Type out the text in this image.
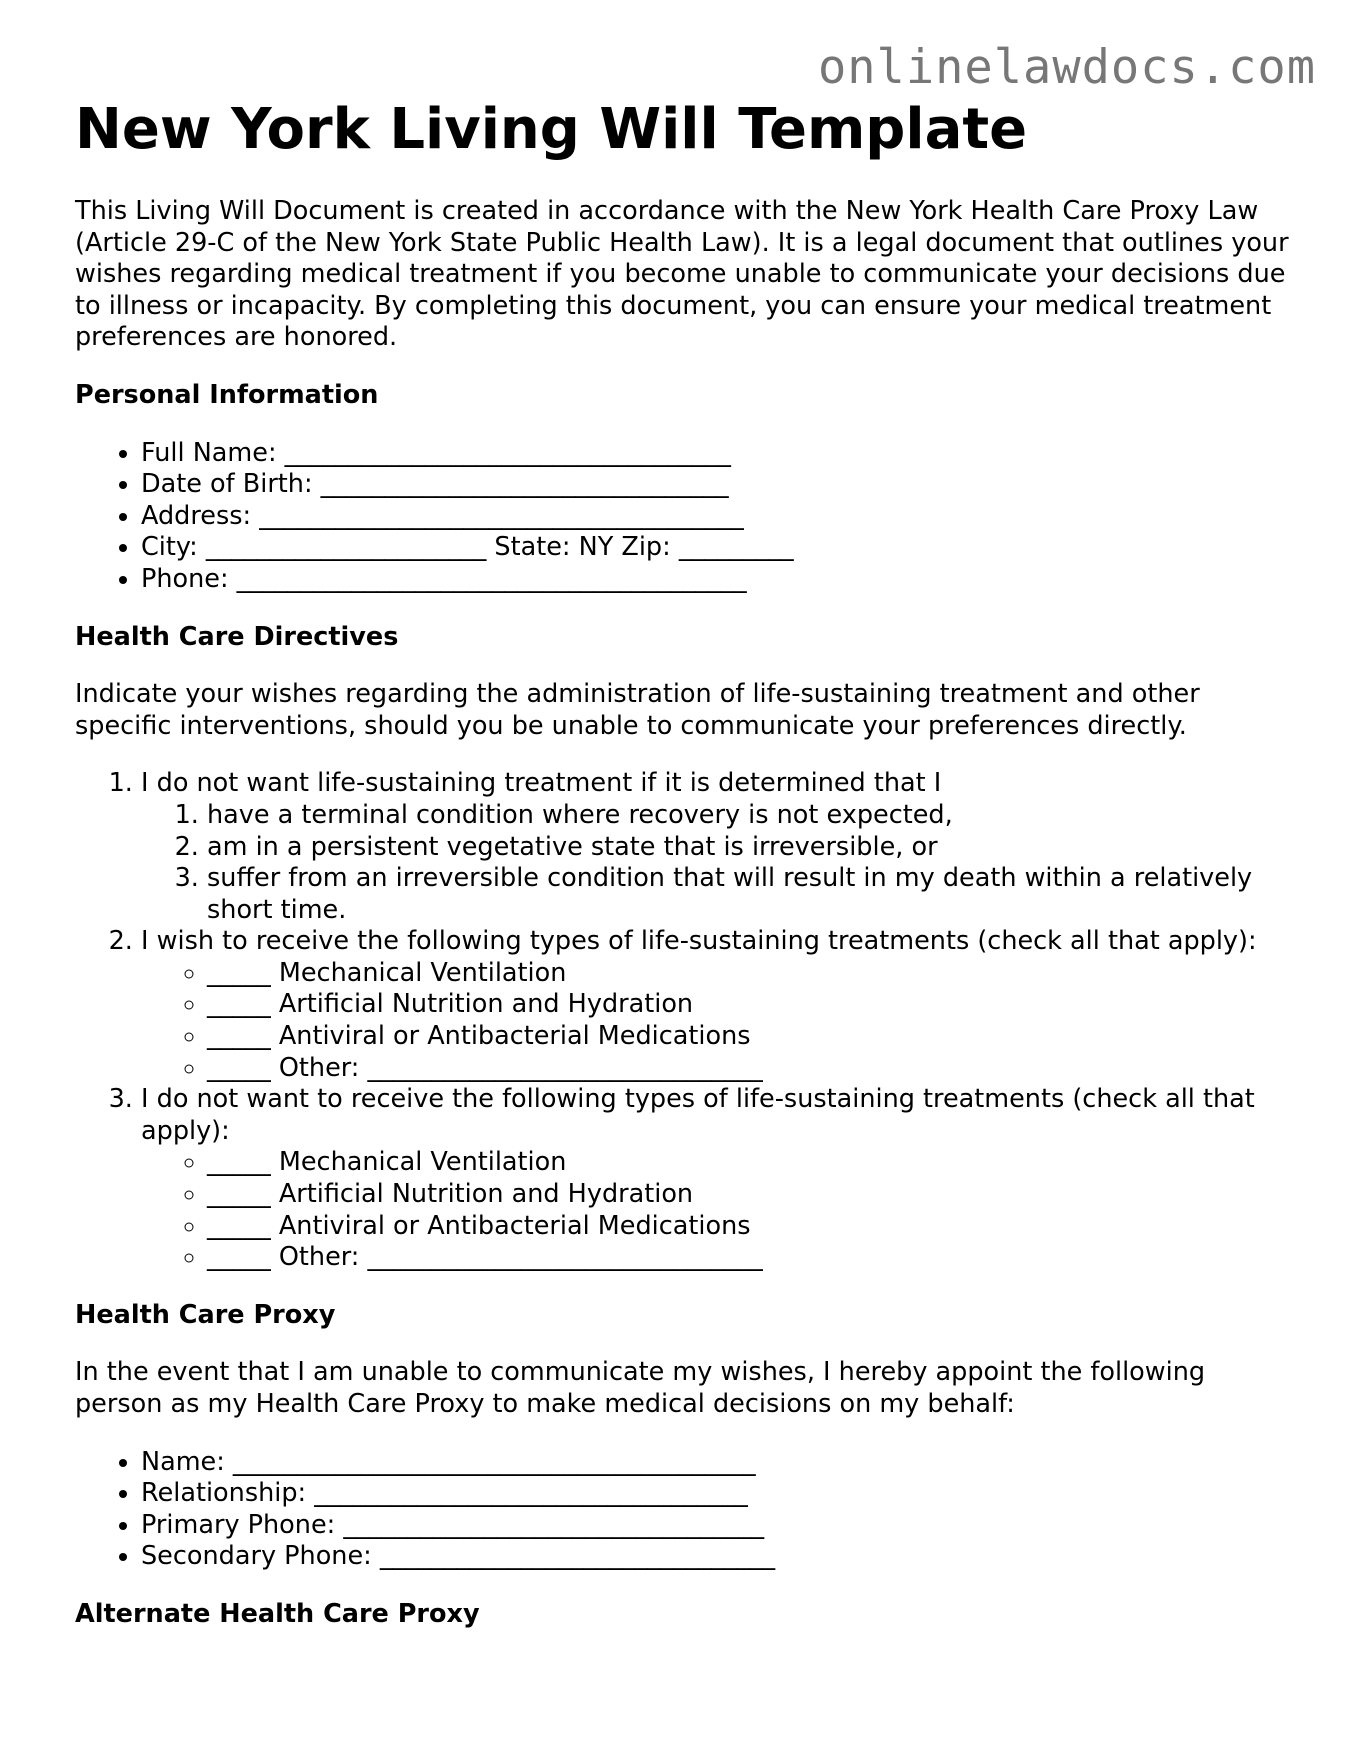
onlinelawdocs.com
New York Living Will Template

This Living Will Document is created in accordance with the New York Health Care Proxy Law (Article 29-C of the New York State Public Health Law). It is a legal document that outlines your wishes regarding medical treatment if you become unable to communicate your decisions due to illness or incapacity. By completing this document, you can ensure your medical treatment preferences are honored.

Personal Information
• Full Name: ___________________________________
• Date of Birth: ________________________________
• Address: ______________________________________
• City: ______________________ State: NY Zip: _________
• Phone: ________________________________________
Health Care Directives

Indicate your wishes regarding the administration of life-sustaining treatment and other specific interventions, should you be unable to communicate your preferences directly.

1. I do not want life-sustaining treatment if it is determined that I
1. have a terminal condition where recovery is not expected,
2. am in a persistent vegetative state that is irreversible, or
3. suffer from an irreversible condition that will result in my death within a relatively short time.
2. I wish to receive the following types of life-sustaining treatments (check all that apply):
◦ _____ Mechanical Ventilation
◦ _____ Artificial Nutrition and Hydration
◦ _____ Antiviral or Antibacterial Medications
◦ _____ Other: _______________________________
3. I do not want to receive the following types of life-sustaining treatments (check all that apply):
◦ _____ Mechanical Ventilation
◦ _____ Artificial Nutrition and Hydration
◦ _____ Antiviral or Antibacterial Medications
◦ _____ Other: _______________________________
Health Care Proxy

In the event that I am unable to communicate my wishes, I hereby appoint the following person as my Health Care Proxy to make medical decisions on my behalf:

• Name: _________________________________________
• Relationship: __________________________________
• Primary Phone: _________________________________
• Secondary Phone: _______________________________
Alternate Health Care Proxy
